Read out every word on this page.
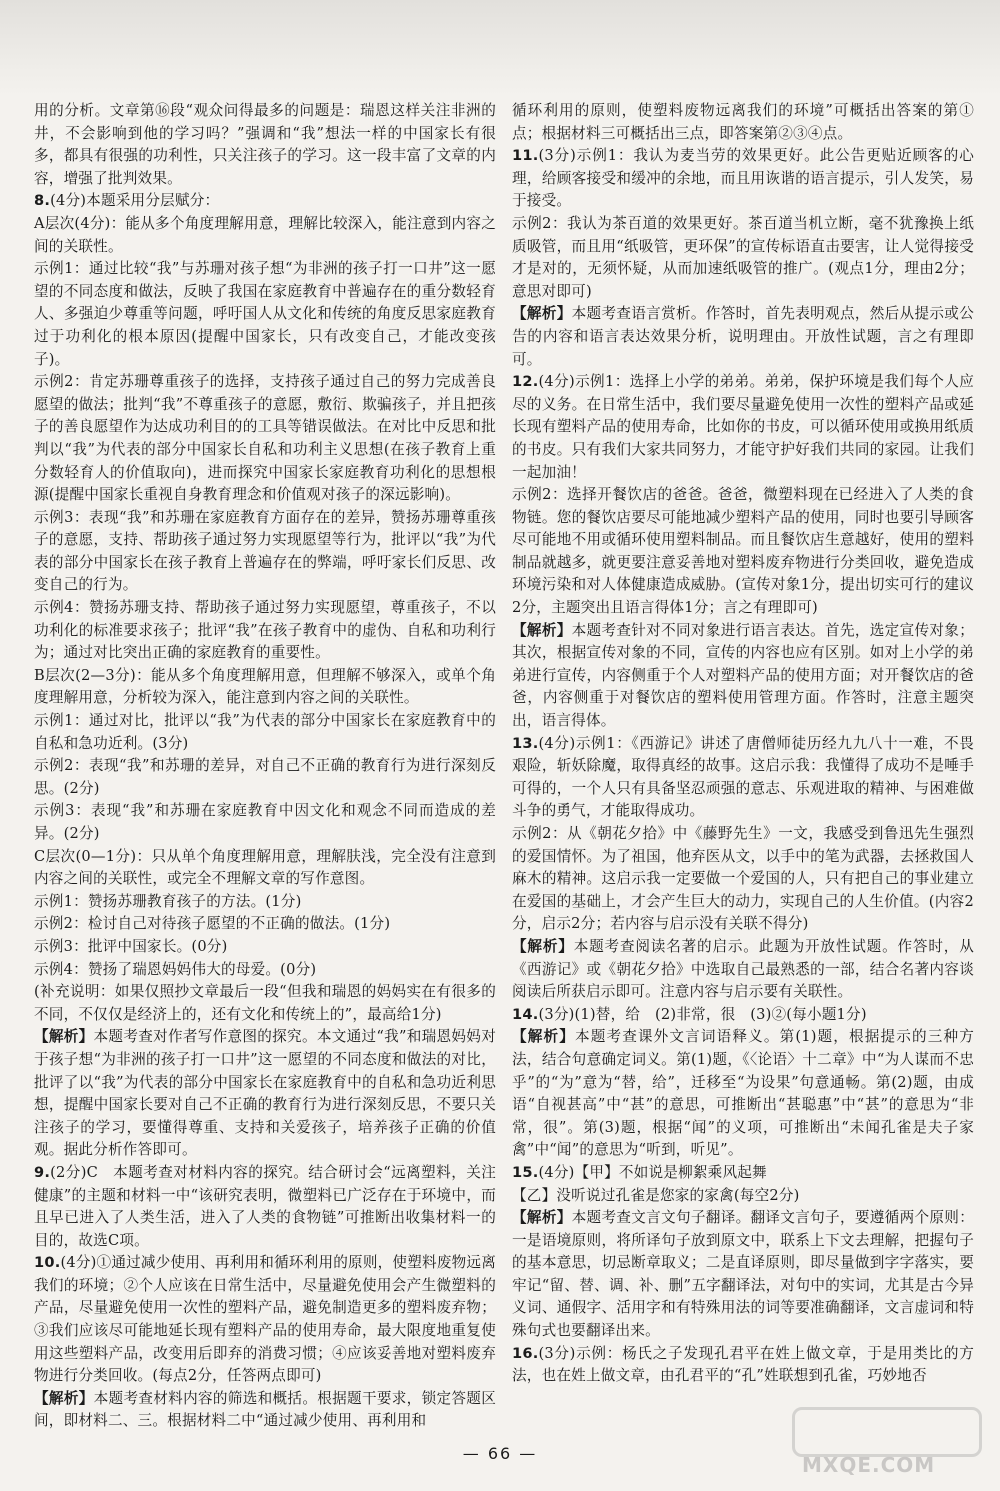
用的分析。文章第⑯段“观众问得最多的问题是：瑞恩这样关注非洲的井，不会影响到他的学习吗？”强调和“我”想法一样的中国家长有很多，都具有很强的功利性，只关注孩子的学习。这一段丰富了文章的内容，增强了批判效果。

8.(4分)本题采用分层赋分：

A层次(4分)：能从多个角度理解用意，理解比较深入，能注意到内容之间的关联性。

示例1：通过比较“我”与苏珊对孩子想“为非洲的孩子打一口井”这一愿望的不同态度和做法，反映了我国在家庭教育中普遍存在的重分数轻育人、多强迫少尊重等问题，呼吁国人从文化和传统的角度反思家庭教育过于功利化的根本原因(提醒中国家长，只有改变自己，才能改变孩子)。

示例2：肯定苏珊尊重孩子的选择，支持孩子通过自己的努力完成善良愿望的做法；批判“我”不尊重孩子的意愿，敷衍、欺骗孩子，并且把孩子的善良愿望作为达成功利目的的工具等错误做法。在对比中反思和批判以“我”为代表的部分中国家长自私和功利主义思想(在孩子教育上重分数轻育人的价值取向)，进而探究中国家长家庭教育功利化的思想根源(提醒中国家长重视自身教育理念和价值观对孩子的深远影响)。

示例3：表现“我”和苏珊在家庭教育方面存在的差异，赞扬苏珊尊重孩子的意愿，支持、帮助孩子通过努力实现愿望等行为，批评以“我”为代表的部分中国家长在孩子教育上普遍存在的弊端，呼吁家长们反思、改变自己的行为。

示例4：赞扬苏珊支持、帮助孩子通过努力实现愿望，尊重孩子，不以功利化的标准要求孩子；批评“我”在孩子教育中的虚伪、自私和功利行为；通过对比突出正确的家庭教育的重要性。

B层次(2—3分)：能从多个角度理解用意，但理解不够深入，或单个角度理解用意，分析较为深入，能注意到内容之间的关联性。

示例1：通过对比，批评以“我”为代表的部分中国家长在家庭教育中的自私和急功近利。(3分)

示例2：表现“我”和苏珊的差异，对自己不正确的教育行为进行深刻反思。(2分)

示例3：表现“我”和苏珊在家庭教育中因文化和观念不同而造成的差异。(2分)

C层次(0—1分)：只从单个角度理解用意，理解肤浅，完全没有注意到内容之间的关联性，或完全不理解文章的写作意图。

示例1：赞扬苏珊教育孩子的方法。(1分)

示例2：检讨自己对待孩子愿望的不正确的做法。(1分)

示例3：批评中国家长。(0分)

示例4：赞扬了瑞恩妈妈伟大的母爱。(0分)

(补充说明：如果仅照抄文章最后一段“但我和瑞恩的妈妈实在有很多的不同，不仅仅是经济上的，还有文化和传统上的”，最高给1分)

【解析】本题考查对作者写作意图的探究。本文通过“我”和瑞恩妈妈对于孩子想“为非洲的孩子打一口井”这一愿望的不同态度和做法的对比，批评了以“我”为代表的部分中国家长在家庭教育中的自私和急功近利思想，提醒中国家长要对自己不正确的教育行为进行深刻反思，不要只关注孩子的学习，要懂得尊重、支持和关爱孩子，培养孩子正确的价值观。据此分析作答即可。

9.(2分)C　本题考查对材料内容的探究。结合研讨会“远离塑料，关注健康”的主题和材料一中“该研究表明，微塑料已广泛存在于环境中，而且早已进入了人类生活，进入了人类的食物链”可推断出收集材料一的目的，故选C项。

10.(4分)①通过减少使用、再利用和循环利用的原则，使塑料废物远离我们的环境；②个人应该在日常生活中，尽量避免使用会产生微塑料的产品，尽量避免使用一次性的塑料产品，避免制造更多的塑料废弃物；③我们应该尽可能地延长现有塑料产品的使用寿命，最大限度地重复使用这些塑料产品，改变用后即弃的消费习惯；④应该妥善地对塑料废弃物进行分类回收。(每点2分，任答两点即可)

【解析】本题考查材料内容的筛选和概括。根据题干要求，锁定答题区间，即材料二、三。根据材料二中“通过减少使用、再利用和

循环利用的原则，使塑料废物远离我们的环境”可概括出答案的第①点；根据材料三可概括出三点，即答案第②③④点。

11.(3分)示例1：我认为麦当劳的效果更好。此公告更贴近顾客的心理，给顾客接受和缓冲的余地，而且用诙谐的语言提示，引人发笑，易于接受。

示例2：我认为茶百道的效果更好。茶百道当机立断，毫不犹豫换上纸质吸管，而且用“纸吸管，更环保”的宣传标语直击要害，让人觉得接受才是对的，无须怀疑，从而加速纸吸管的推广。(观点1分，理由2分；意思对即可)

【解析】本题考查语言赏析。作答时，首先表明观点，然后从提示或公告的内容和语言表达效果分析，说明理由。开放性试题，言之有理即可。

12.(4分)示例1：选择上小学的弟弟。弟弟，保护环境是我们每个人应尽的义务。在日常生活中，我们要尽量避免使用一次性的塑料产品或延长现有塑料产品的使用寿命，比如你的书皮，可以循环使用或换用纸质的书皮。只有我们大家共同努力，才能守护好我们共同的家园。让我们一起加油！

示例2：选择开餐饮店的爸爸。爸爸，微塑料现在已经进入了人类的食物链。您的餐饮店要尽可能地减少塑料产品的使用，同时也要引导顾客尽可能地不用或循环使用塑料制品。而且餐饮店生意越好，使用的塑料制品就越多，就更要注意妥善地对塑料废弃物进行分类回收，避免造成环境污染和对人体健康造成威胁。(宣传对象1分，提出切实可行的建议2分，主题突出且语言得体1分；言之有理即可)

【解析】本题考查针对不同对象进行语言表达。首先，选定宣传对象；其次，根据宣传对象的不同，宣传的内容也应有区别。如对上小学的弟弟进行宣传，内容侧重于个人对塑料产品的使用方面；对开餐饮店的爸爸，内容侧重于对餐饮店的塑料使用管理方面。作答时，注意主题突出，语言得体。

13.(4分)示例1：《西游记》讲述了唐僧师徒历经九九八十一难，不畏艰险，斩妖除魔，取得真经的故事。这启示我：我懂得了成功不是唾手可得的，一个人只有具备坚忍顽强的意志、乐观进取的精神、与困难做斗争的勇气，才能取得成功。

示例2：从《朝花夕拾》中《藤野先生》一文，我感受到鲁迅先生强烈的爱国情怀。为了祖国，他弃医从文，以手中的笔为武器，去拯救国人麻木的精神。这启示我一定要做一个爱国的人，只有把自己的事业建立在爱国的基础上，才会产生巨大的动力，实现自己的人生价值。(内容2分，启示2分；若内容与启示没有关联不得分)

【解析】本题考查阅读名著的启示。此题为开放性试题。作答时，从《西游记》或《朝花夕拾》中选取自己最熟悉的一部，结合名著内容谈阅读后所获启示即可。注意内容与启示要有关联性。

14.(3分)(1)替，给　(2)非常，很　(3)②(每小题1分)

【解析】本题考查课外文言词语释义。第(1)题，根据提示的三种方法，结合句意确定词义。第(1)题，《〈论语〉十二章》中“为人谋而不忠乎”的“为”意为“替，给”，迁移至“为设果”句意通畅。第(2)题，由成语“自视甚高”中“甚”的意思，可推断出“甚聪惠”中“甚”的意思为“非常，很”。第(3)题，根据“闻”的义项，可推断出“未闻孔雀是夫子家禽”中“闻”的意思为“听到，听见”。

15.(4分)【甲】不如说是柳絮乘风起舞

【乙】没听说过孔雀是您家的家禽(每空2分)

【解析】本题考查文言文句子翻译。翻译文言句子，要遵循两个原则：一是语境原则，将所译句子放到原文中，联系上下文去理解，把握句子的基本意思，切忌断章取义；二是直译原则，即尽量做到字字落实，要牢记“留、替、调、补、删”五字翻译法，对句中的实词，尤其是古今异义词、通假字、活用字和有特殊用法的词等要准确翻译，文言虚词和特殊句式也要翻译出来。

16.(3分)示例：杨氏之子发现孔君平在姓上做文章，于是用类比的方法，也在姓上做文章，由孔君平的“孔”姓联想到孔雀，巧妙地否

— 66 —	MXQE.COM
